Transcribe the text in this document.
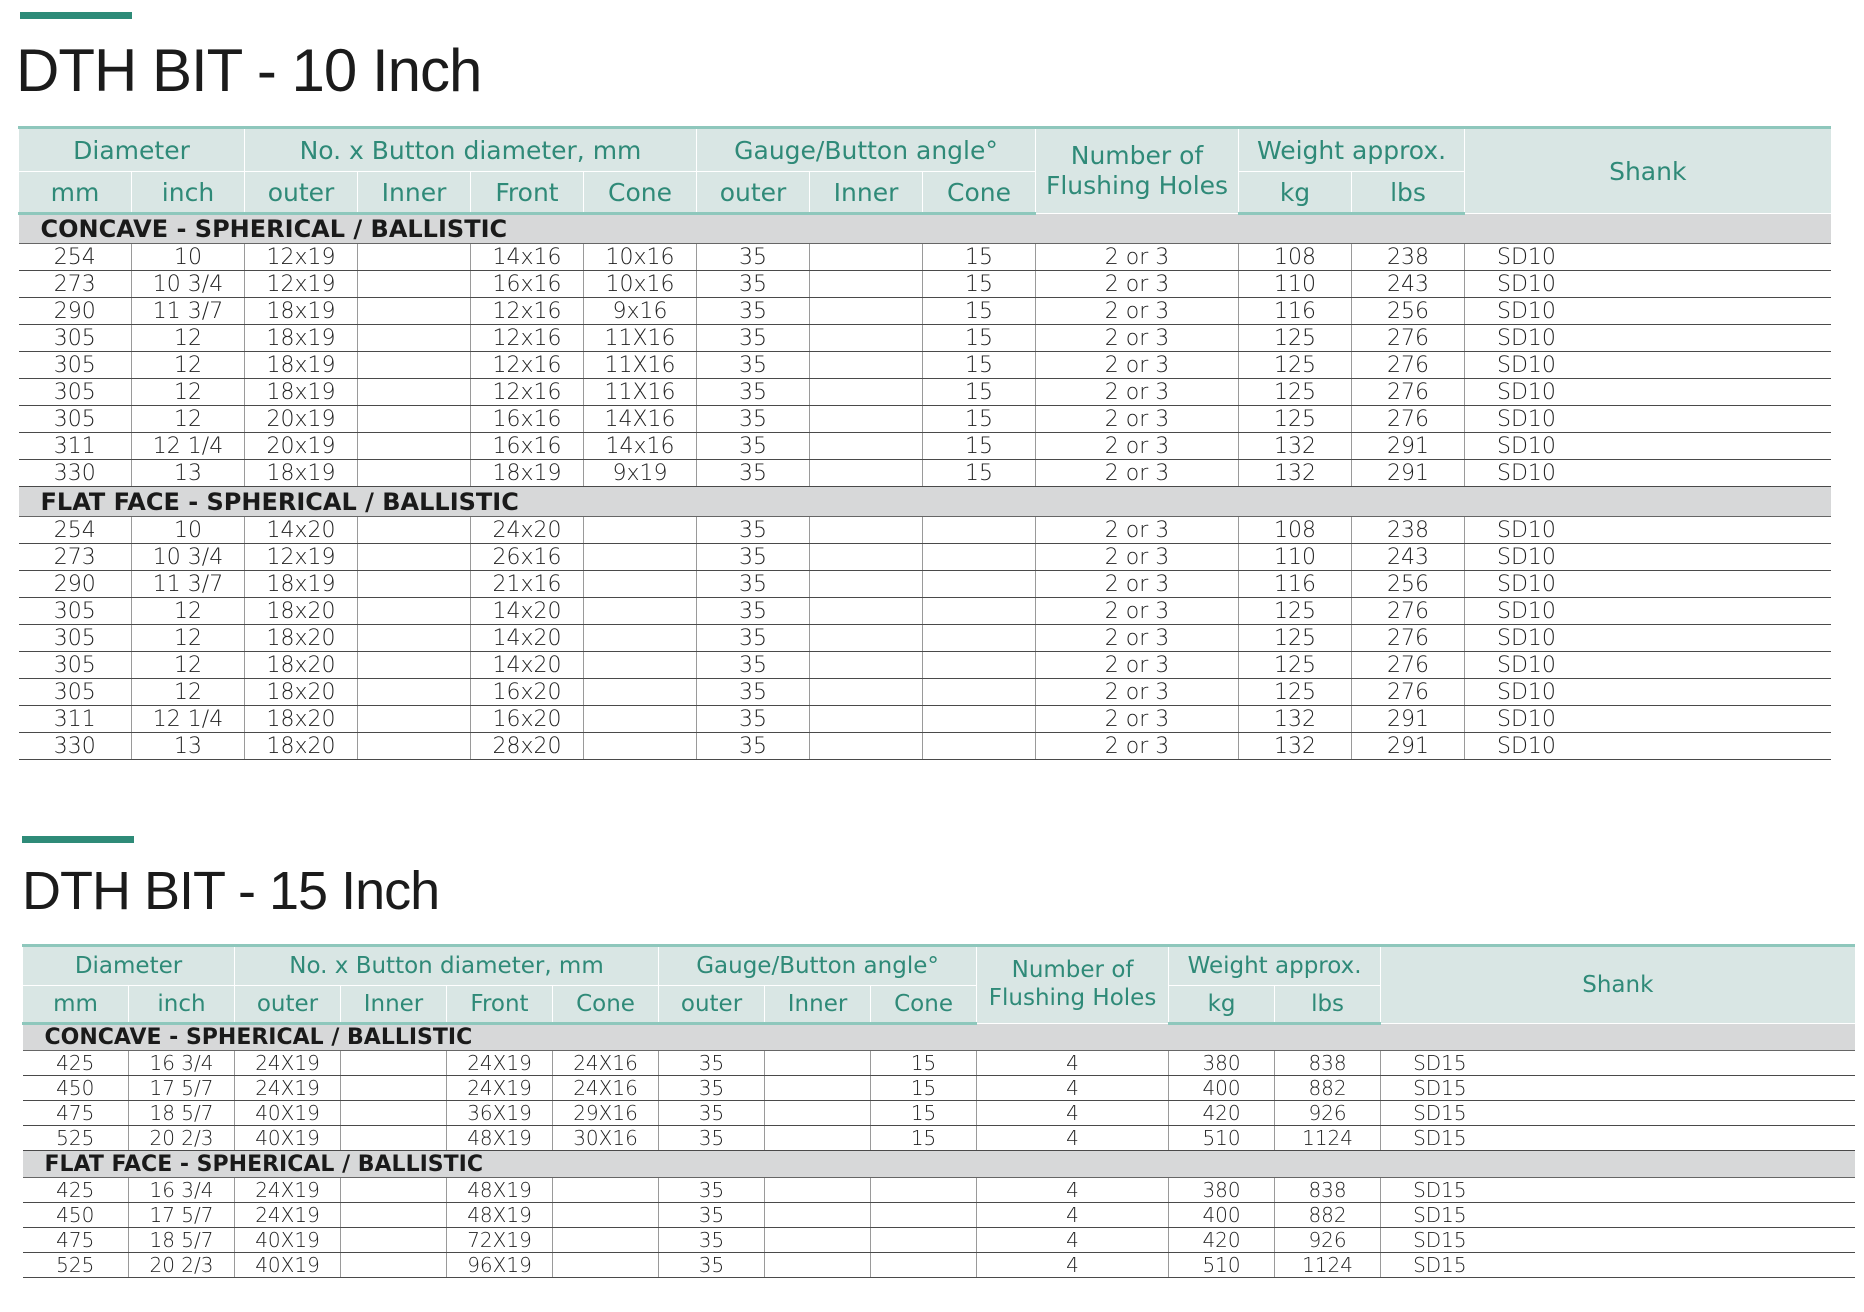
DTH BIT - 10 Inch
Diameter		No. x Button diameter, mm				Gauge/Button angle°			Number of Flushing Holes	Weight approx.		Shank
mm	inch	outer	Inner	Front	Cone	outer	Inner	Cone		kg	lbs	
CONCAVE - SPHERICAL / BALLISTIC												
254	10	12x19		14x16	10x16	35		15	2 or 3	108	238	SD10
273	10 3/4	12x19		16x16	10x16	35		15	2 or 3	110	243	SD10
290	11 3/7	18x19		12x16	9x16	35		15	2 or 3	116	256	SD10
305	12	18x19		12x16	11X16	35		15	2 or 3	125	276	SD10
305	12	18x19		12x16	11X16	35		15	2 or 3	125	276	SD10
305	12	18x19		12x16	11X16	35		15	2 or 3	125	276	SD10
305	12	20x19		16x16	14X16	35		15	2 or 3	125	276	SD10
311	12 1/4	20x19		16x16	14x16	35		15	2 or 3	132	291	SD10
330	13	18x19		18x19	9x19	35		15	2 or 3	132	291	SD10
FLAT FACE - SPHERICAL / BALLISTIC												
254	10	14x20		24x20		35			2 or 3	108	238	SD10
273	10 3/4	12x19		26x16		35			2 or 3	110	243	SD10
290	11 3/7	18x19		21x16		35			2 or 3	116	256	SD10
305	12	18x20		14x20		35			2 or 3	125	276	SD10
305	12	18x20		14x20		35			2 or 3	125	276	SD10
305	12	18x20		14x20		35			2 or 3	125	276	SD10
305	12	18x20		16x20		35			2 or 3	125	276	SD10
311	12 1/4	18x20		16x20		35			2 or 3	132	291	SD10
330	13	18x20		28x20		35			2 or 3	132	291	SD10
DTH BIT - 15 Inch
Diameter		No. x Button diameter, mm				Gauge/Button angle°			Number of Flushing Holes	Weight approx.		Shank
mm	inch	outer	Inner	Front	Cone	outer	Inner	Cone		kg	lbs	
CONCAVE - SPHERICAL / BALLISTIC												
425	16 3/4	24X19		24X19	24X16	35		15	4	380	838	SD15
450	17 5/7	24X19		24X19	24X16	35		15	4	400	882	SD15
475	18 5/7	40X19		36X19	29X16	35		15	4	420	926	SD15
525	20 2/3	40X19		48X19	30X16	35		15	4	510	1124	SD15
FLAT FACE - SPHERICAL / BALLISTIC												
425	16 3/4	24X19		48X19		35			4	380	838	SD15
450	17 5/7	24X19		48X19		35			4	400	882	SD15
475	18 5/7	40X19		72X19		35			4	420	926	SD15
525	20 2/3	40X19		96X19		35			4	510	1124	SD15
